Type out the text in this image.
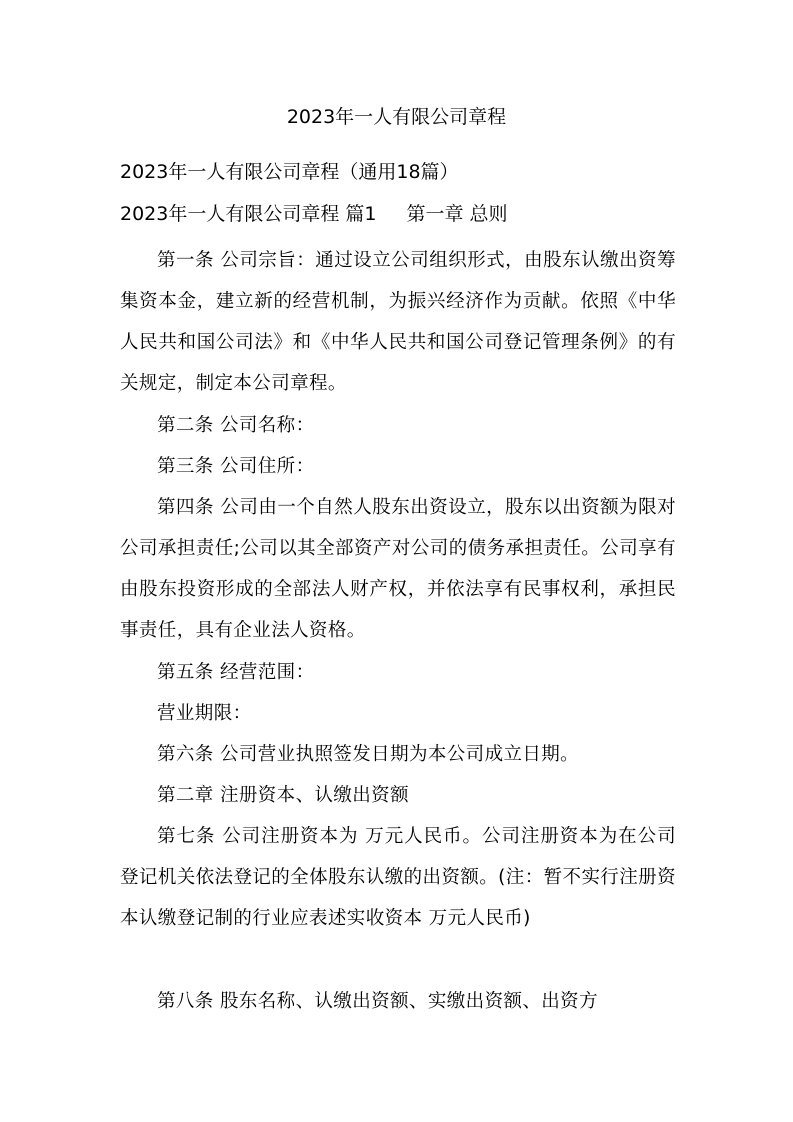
2023年一人有限公司章程
2023年一人有限公司章程（通用18篇）
2023年一人有限公司章程 篇1 第一章 总则
第一条 公司宗旨：通过设立公司组织形式，由股东认缴出资筹集资本金，建立新的经营机制，为振兴经济作为贡献。依照《中华人民共和国公司法》和《中华人民共和国公司登记管理条例》的有关规定，制定本公司章程。
第二条 公司名称：
第三条 公司住所：
第四条 公司由一个自然人股东出资设立，股东以出资额为限对公司承担责任;公司以其全部资产对公司的债务承担责任。公司享有由股东投资形成的全部法人财产权，并依法享有民事权利，承担民事责任，具有企业法人资格。
第五条 经营范围：
营业期限：
第六条 公司营业执照签发日期为本公司成立日期。
第二章 注册资本、认缴出资额
第七条 公司注册资本为 万元人民币。公司注册资本为在公司登记机关依法登记的全体股东认缴的出资额。(注：暂不实行注册资本认缴登记制的行业应表述实收资本 万元人民币)
第八条 股东名称、认缴出资额、实缴出资额、出资方
